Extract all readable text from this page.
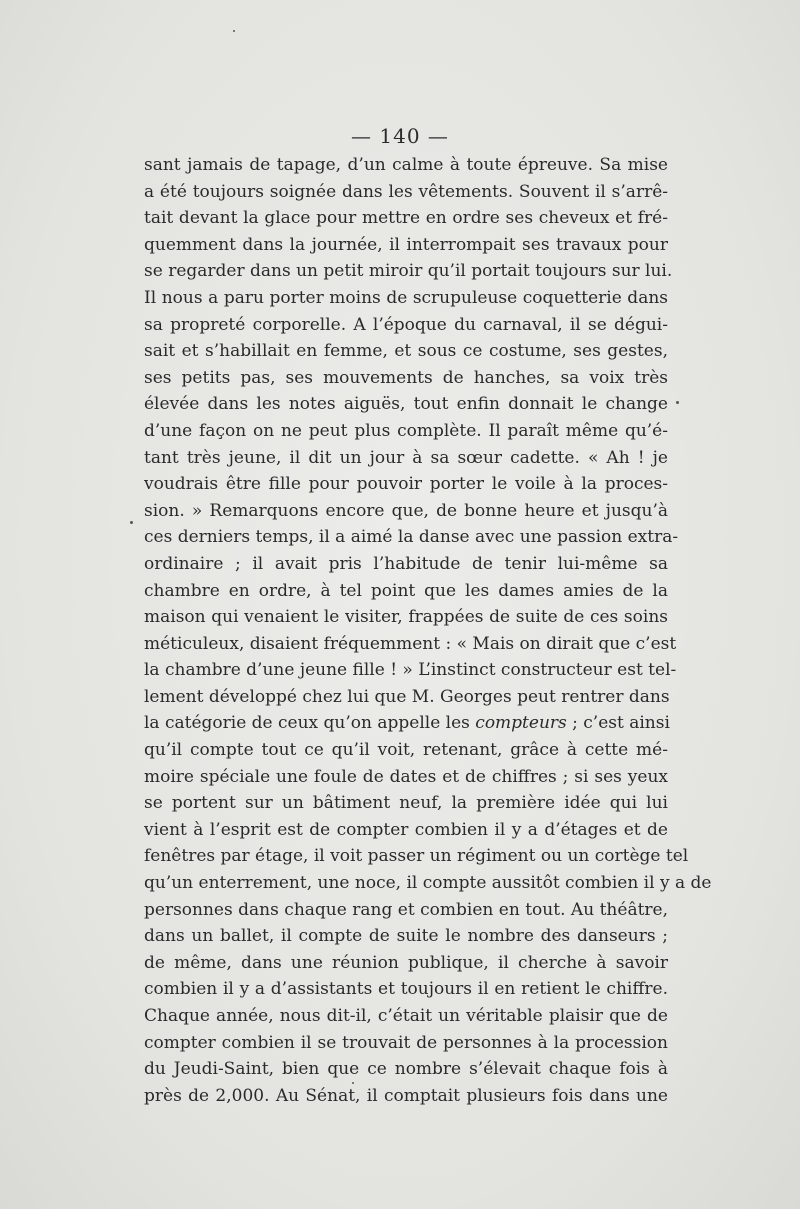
— 140 —
sant jamais de tapage, d’un calme à toute épreuve. Sa mise
a été toujours soignée dans les vêtements. Souvent il s’arrê-
tait devant la glace pour mettre en ordre ses cheveux et fré-
quemment dans la journée, il interrompait ses travaux pour
se regarder dans un petit miroir qu’il portait toujours sur lui.
Il nous a paru porter moins de scrupuleuse coquetterie dans
sa propreté corporelle. A l’époque du carnaval, il se dégui-
sait et s’habillait en femme, et sous ce costume, ses gestes,
ses petits pas, ses mouvements de hanches, sa voix très
élevée dans les notes aiguës, tout enfin donnait le change
d’une façon on ne peut plus complète. Il paraît même qu’é-
tant très jeune, il dit un jour à sa sœur cadette. « Ah ! je
voudrais être fille pour pouvoir porter le voile à la proces-
sion. » Remarquons encore que, de bonne heure et jusqu’à
ces derniers temps, il a aimé la danse avec une passion extra-
ordinaire ; il avait pris l’habitude de tenir lui-même sa
chambre en ordre, à tel point que les dames amies de la
maison qui venaient le visiter, frappées de suite de ces soins
méticuleux, disaient fréquemment : « Mais on dirait que c’est
la chambre d’une jeune fille ! » L’instinct constructeur est tel-
lement développé chez lui que M. Georges peut rentrer dans
la catégorie de ceux qu’on appelle les compteurs ; c’est ainsi
qu’il compte tout ce qu’il voit, retenant, grâce à cette mé-
moire spéciale une foule de dates et de chiffres ; si ses yeux
se portent sur un bâtiment neuf, la première idée qui lui
vient à l’esprit est de compter combien il y a d’étages et de
fenêtres par étage, il voit passer un régiment ou un cortège tel
qu’un enterrement, une noce, il compte aussitôt combien il y a de
personnes dans chaque rang et combien en tout. Au théâtre,
dans un ballet, il compte de suite le nombre des danseurs ;
de même, dans une réunion publique, il cherche à savoir
combien il y a d’assistants et toujours il en retient le chiffre.
Chaque année, nous dit-il, c’était un véritable plaisir que de
compter combien il se trouvait de personnes à la procession
du Jeudi-Saint, bien que ce nombre s’élevait chaque fois à
près de 2,000. Au Sénat, il comptait plusieurs fois dans une
